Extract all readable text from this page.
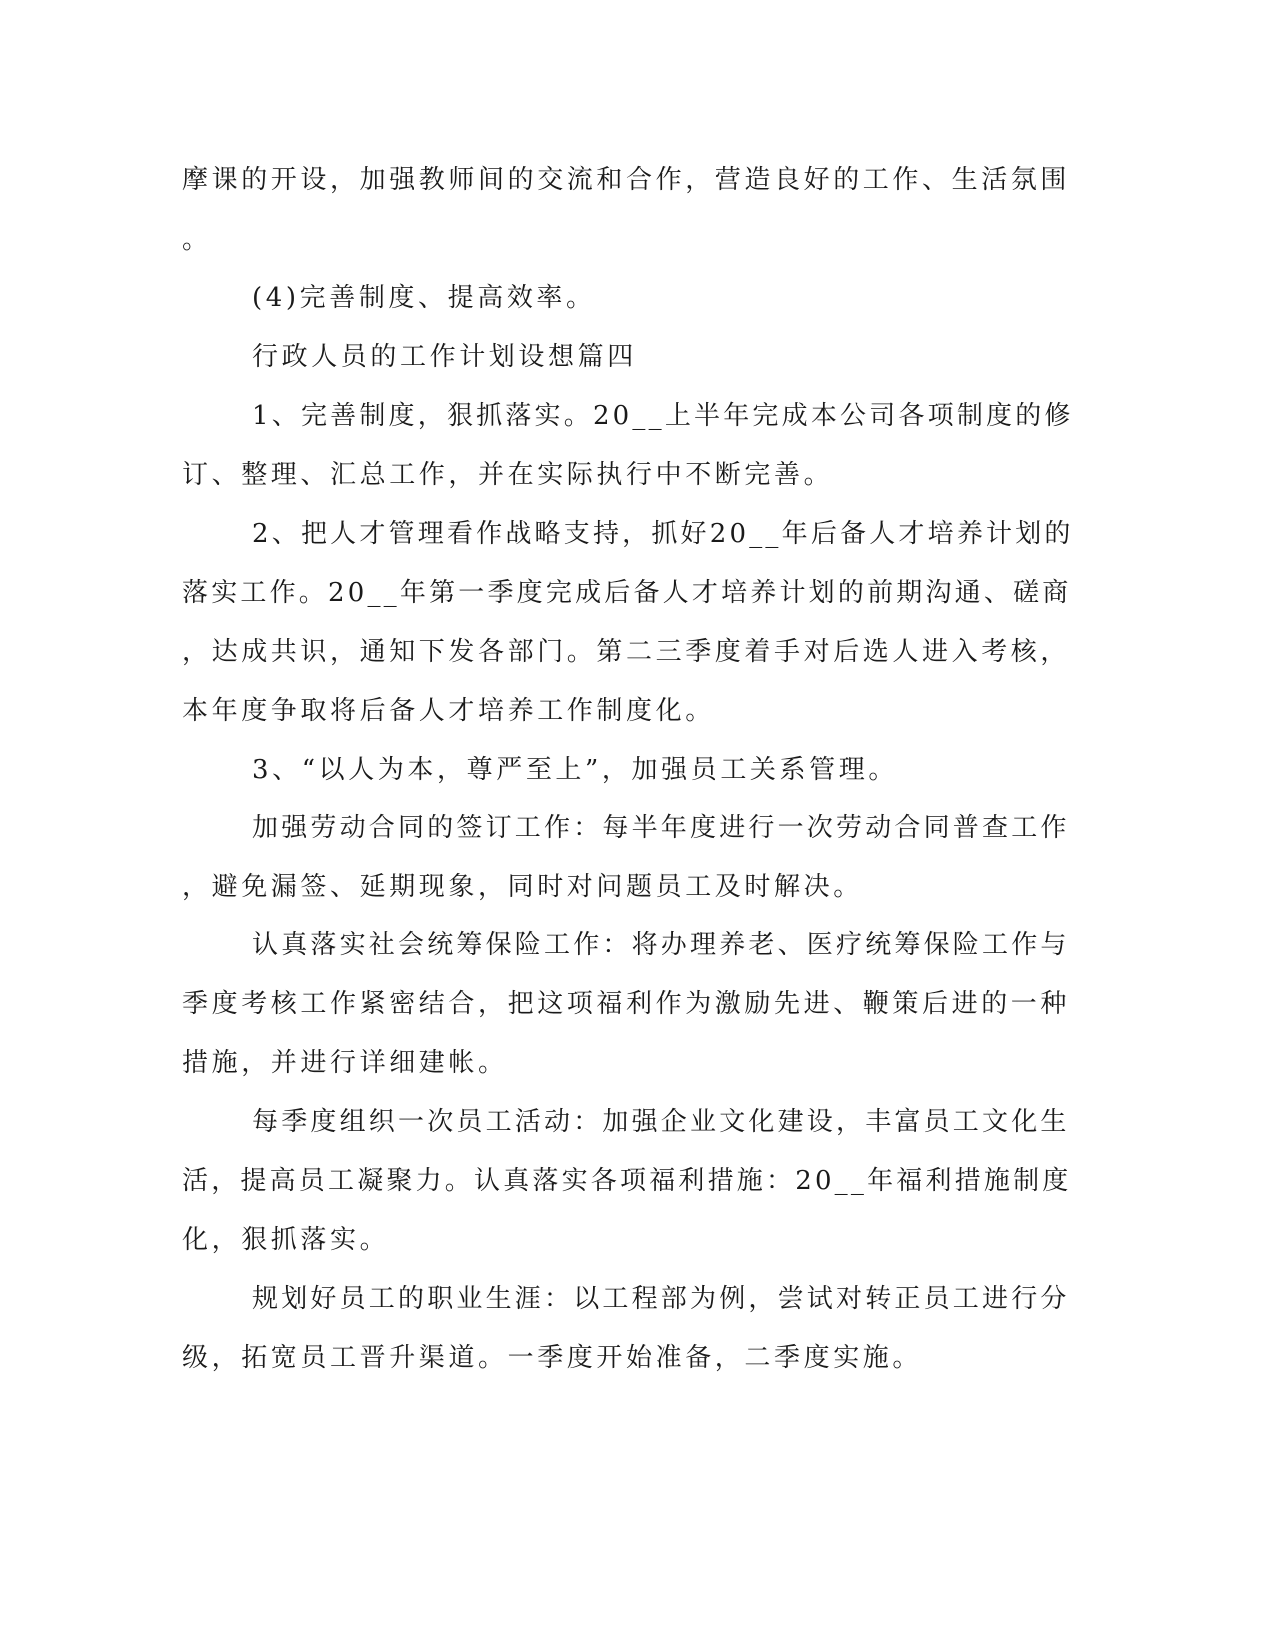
摩课的开设，加强教师间的交流和合作，营造良好的工作、生活氛围
。
(4)完善制度、提高效率。
行政人员的工作计划设想篇四
1、完善制度，狠抓落实。20__上半年完成本公司各项制度的修
订、整理、汇总工作，并在实际执行中不断完善。
2、把人才管理看作战略支持，抓好20__年后备人才培养计划的
落实工作。20__年第一季度完成后备人才培养计划的前期沟通、磋商
，达成共识，通知下发各部门。第二三季度着手对后选人进入考核，
本年度争取将后备人才培养工作制度化。
3、“以人为本，尊严至上”，加强员工关系管理。
加强劳动合同的签订工作：每半年度进行一次劳动合同普查工作
，避免漏签、延期现象，同时对问题员工及时解决。
认真落实社会统筹保险工作：将办理养老、医疗统筹保险工作与
季度考核工作紧密结合，把这项福利作为激励先进、鞭策后进的一种
措施，并进行详细建帐。
每季度组织一次员工活动：加强企业文化建设，丰富员工文化生
活，提高员工凝聚力。认真落实各项福利措施：20__年福利措施制度
化，狠抓落实。
规划好员工的职业生涯：以工程部为例，尝试对转正员工进行分
级，拓宽员工晋升渠道。一季度开始准备，二季度实施。
